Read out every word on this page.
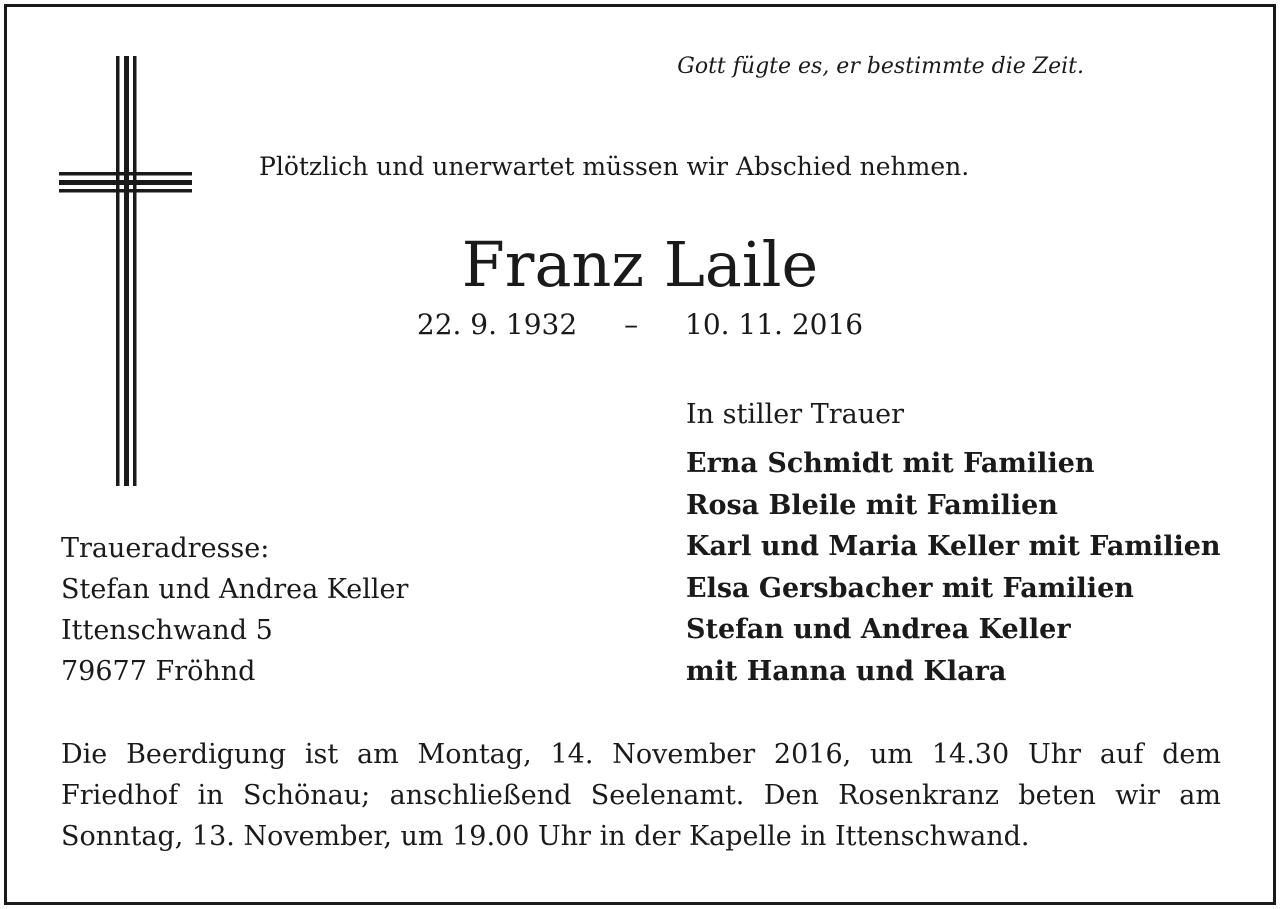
Gott fügte es, er bestimmte die Zeit.
Plötzlich und unerwartet müssen wir Abschied nehmen.
Franz Laile
22. 9. 1932 – 10. 11. 2016
In stiller Trauer
Erna Schmidt mit Familien
Rosa Bleile mit Familien
Karl und Maria Keller mit Familien
Elsa Gersbacher mit Familien
Stefan und Andrea Keller
mit Hanna und Klara
Traueradresse:
Stefan und Andrea Keller
Ittenschwand 5
79677 Fröhnd

Die Beerdigung ist am Montag, 14. November 2016, um 14.30 Uhr auf dem Friedhof in Schönau; anschließend Seelenamt. Den Rosenkranz beten wir am Sonntag, 13. November, um 19.00 Uhr in der Kapelle in Ittenschwand.
